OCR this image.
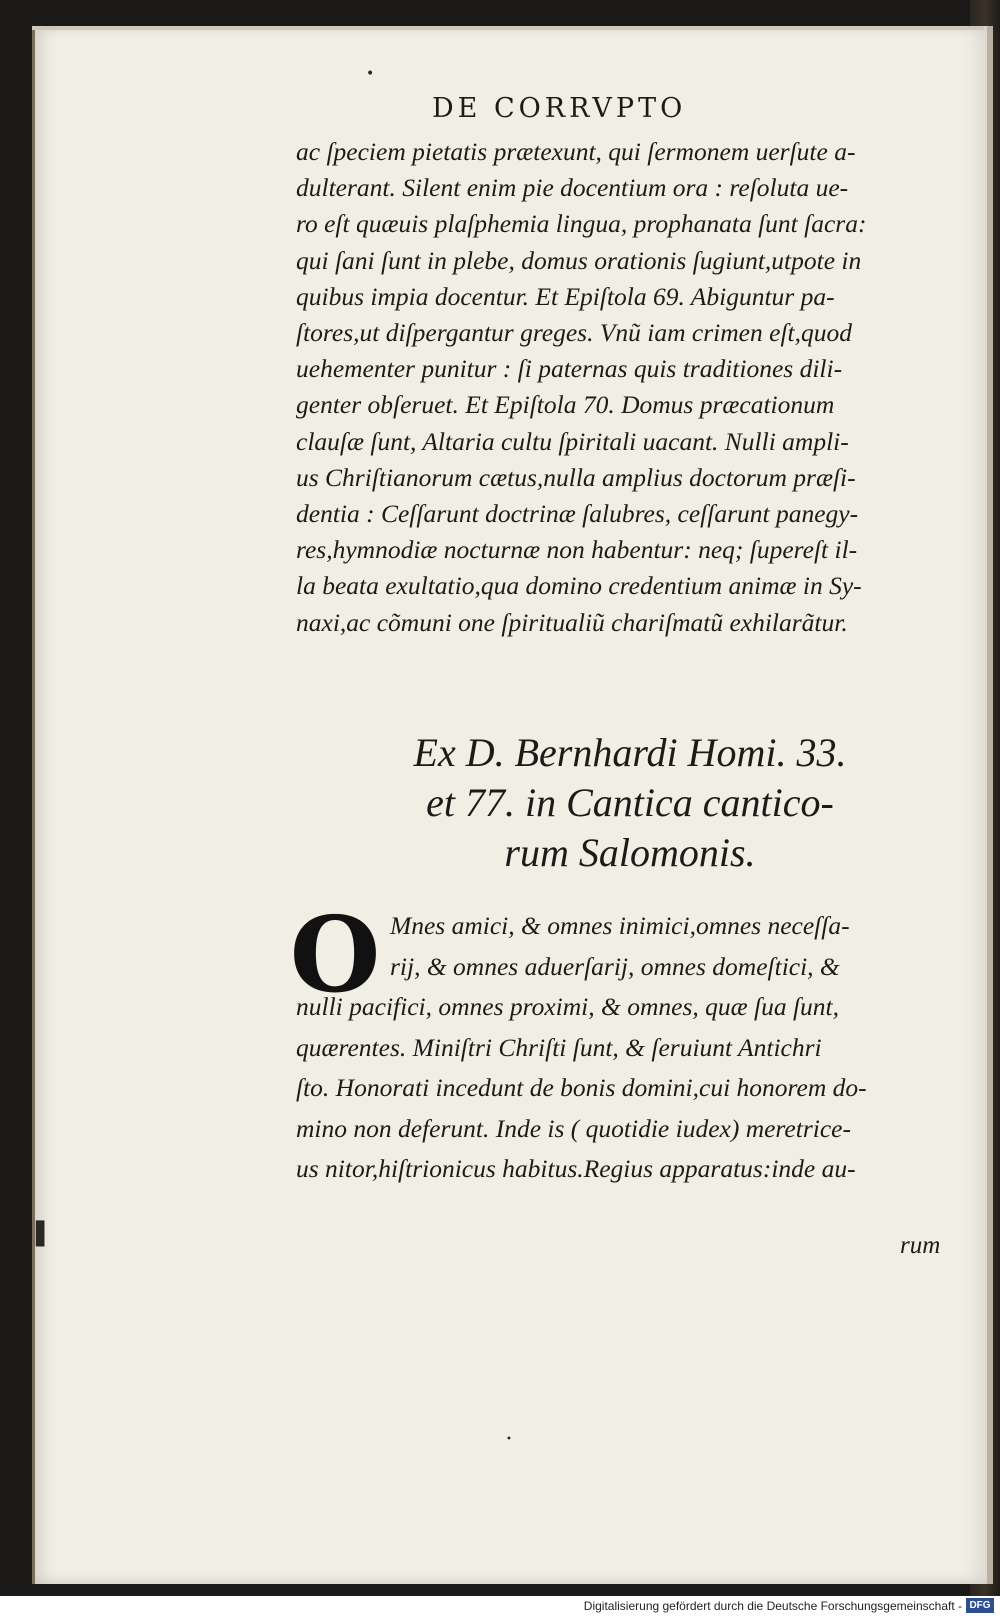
DE CORRVPTO
ac ſpeciem pietatis prætexunt, qui ſermonem uerſute a-
dulterant. Silent enim pie docentium ora : reſoluta ue-
ro eſt quæuis plaſphemia lingua, prophanata ſunt ſacra:
qui ſani ſunt in plebe, domus orationis ſugiunt,utpote in
quibus impia docentur. Et Epiſtola 69. Abiguntur pa-
ſtores,ut diſpergantur greges. Vnũ iam crimen eſt,quod
uehementer punitur : ſi paternas quis traditiones dili-
genter obſeruet. Et Epiſtola 70. Domus præcationum
clauſæ ſunt, Altaria cultu ſpiritali uacant. Nulli ampli-
us Chriſtianorum cætus,nulla amplius doctorum præſi-
dentia : Ceſſarunt doctrinæ ſalubres, ceſſarunt panegy-
res,hymnodiæ nocturnæ non habentur: neq; ſupereſt il-
la beata exultatio,qua domino credentium animæ in Sy-
naxi,ac cõmuni one ſpiritualiũ chariſmatũ exhilarãtur.
Ex D. Bernhardi Homi. 33.
et 77. in Cantica cantico-
rum Salomonis.
O Mnes amici, & omnes inimici,omnes neceſſa-
rij, & omnes aduerſarij, omnes domeſtici, &
nulli pacifici, omnes proximi, & omnes, quæ ſua ſunt,
quærentes. Miniſtri Chriſti ſunt, & ſeruiunt Antichri
ſto. Honorati incedunt de bonis domini,cui honorem do-
mino non deferunt. Inde is ( quotidie iudex) meretrice-
us nitor,hiſtrionicus habitus.Regius apparatus:inde au-
rum
•
▌
•
Digitalisierung gefördert durch die Deutsche Forschungsgemeinschaft - DFG
